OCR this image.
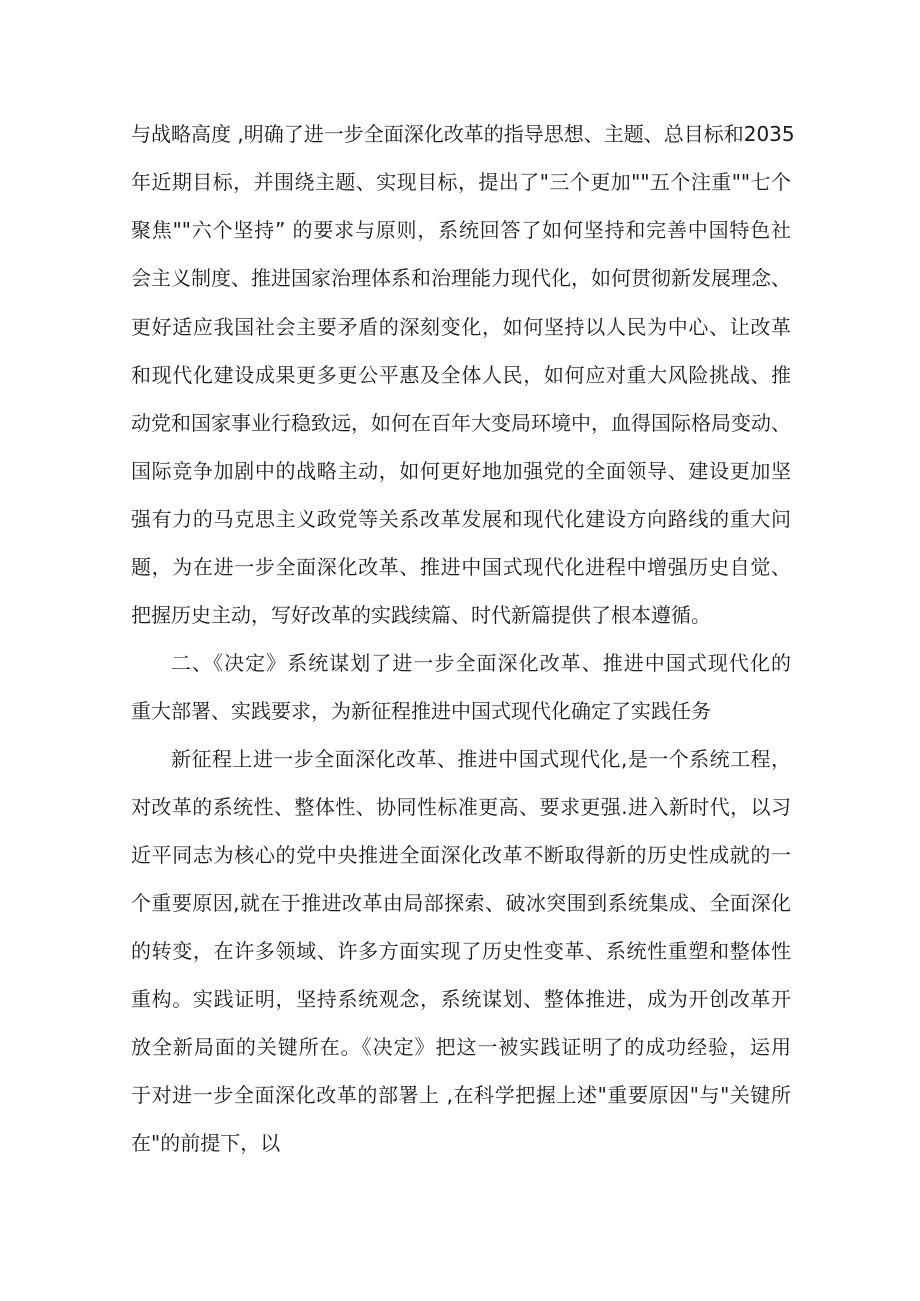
与战略高度 ,明确了进一步全面深化改革的指导思想、主题、总目标和2035
年近期目标，并围绕主题、实现目标，提出了"三个更加""五个注重""七个
聚焦""六个坚持” 的要求与原则，系统回答了如何坚持和完善中国特色社
会主义制度、推进国家治理体系和治理能力现代化，如何贯彻新发展理念、
更好适应我国社会主要矛盾的深刻变化，如何坚持以人民为中心、让改革
和现代化建设成果更多更公平惠及全体人民，如何应对重大风险挑战、推
动党和国家事业行稳致远，如何在百年大变局环境中，血得国际格局变动、
国际竞争加剧中的战略主动，如何更好地加强党的全面领导、建设更加坚
强有力的马克思主义政党等关系改革发展和现代化建设方向路线的重大问
题，为在进一步全面深化改革、推进中国式现代化进程中增强历史自觉、
把握历史主动，写好改革的实践续篇、时代新篇提供了根本遵循。
二、《决定》系统谋划了进一步全面深化改革、推进中国式现代化的
重大部署、实践要求，为新征程推进中国式现代化确定了实践任务
新征程上进一步全面深化改革、推进中国式现代化,是一个系统工程，
对改革的系统性、整体性、协同性标准更高、要求更强.进入新时代，以习
近平同志为核心的党中央推进全面深化改革不断取得新的历史性成就的一
个重要原因,就在于推进改革由局部探索、破冰突围到系统集成、全面深化
的转变，在许多领域、许多方面实现了历史性变革、系统性重塑和整体性
重构。实践证明，坚持系统观念，系统谋划、整体推进，成为开创改革开
放全新局面的关键所在。《决定》把这一被实践证明了的成功经验，运用
于对进一步全面深化改革的部署上 ,在科学把握上述"重要原因"与"关键所
在"的前提下，以
